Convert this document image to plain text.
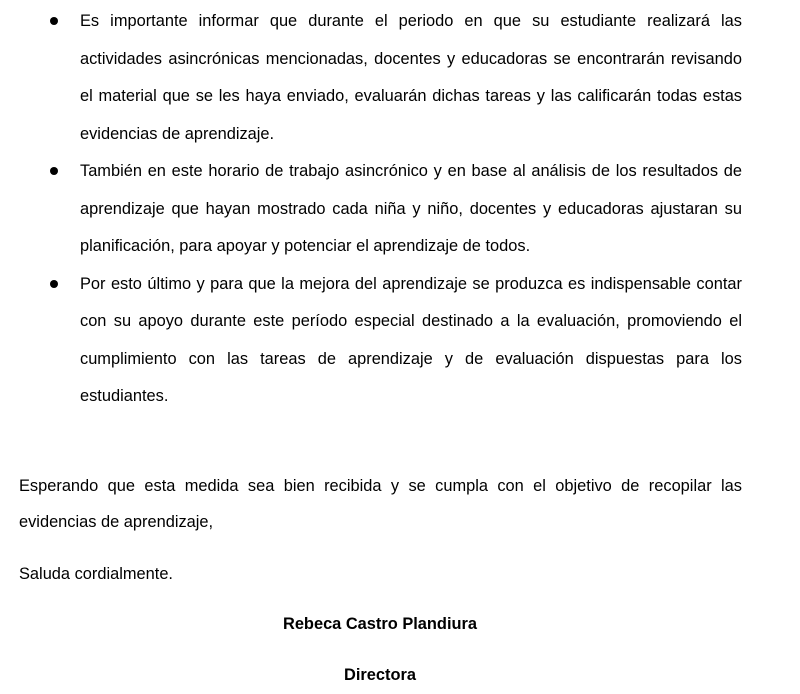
Es importante informar que durante el periodo en que su estudiante realizará las actividades asincrónicas mencionadas, docentes y educadoras se encontrarán revisando el material que se les haya enviado, evaluarán dichas tareas y las calificarán todas estas evidencias de aprendizaje.

También en este horario de trabajo asincrónico y en base al análisis de los resultados de aprendizaje que hayan mostrado cada niña y niño, docentes y educadoras ajustaran su planificación, para apoyar y potenciar el aprendizaje de todos.

Por esto último y para que la mejora del aprendizaje se produzca es indispensable contar con su apoyo durante este período especial destinado a la evaluación, promoviendo el cumplimiento con las tareas de aprendizaje y de evaluación dispuestas para los estudiantes.

Esperando que esta medida sea bien recibida y se cumpla con el objetivo de recopilar las evidencias de aprendizaje,

Saluda cordialmente.

Rebeca Castro Plandiura

Directora
